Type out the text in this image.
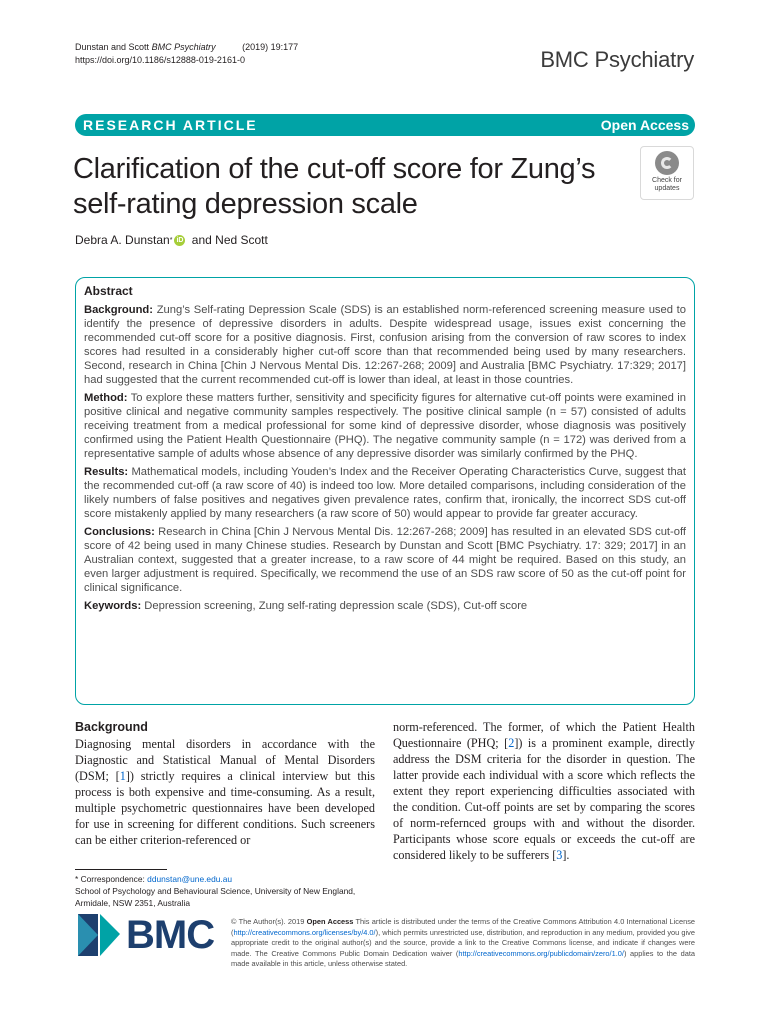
Dunstan and Scott BMC Psychiatry	(2019) 19:177
https://doi.org/10.1186/s12888-019-2161-0	BMC Psychiatry
RESEARCH ARTICLE	Open Access
Clarification of the cut-off score for Zung’s self-rating depression scale
Check for
updates
Debra A. Dunstan * iD and Ned Scott
Abstract

Background: Zung’s Self-rating Depression Scale (SDS) is an established norm-referenced screening measure used to identify the presence of depressive disorders in adults. Despite widespread usage, issues exist concerning the recommended cut-off score for a positive diagnosis. First, confusion arising from the conversion of raw scores to index scores had resulted in a considerably higher cut-off score than that recommended being used by many researchers. Second, research in China [Chin J Nervous Mental Dis. 12:267-268; 2009] and Australia [BMC Psychiatry. 17:329; 2017] had suggested that the current recommended cut-off is lower than ideal, at least in those countries.

Method: To explore these matters further, sensitivity and specificity figures for alternative cut-off points were examined in positive clinical and negative community samples respectively. The positive clinical sample (n = 57) consisted of adults receiving treatment from a medical professional for some kind of depressive disorder, whose diagnosis was positively confirmed using the Patient Health Questionnaire (PHQ). The negative community sample (n = 172) was derived from a representative sample of adults whose absence of any depressive disorder was similarly confirmed by the PHQ.

Results: Mathematical models, including Youden’s Index and the Receiver Operating Characteristics Curve, suggest that the recommended cut-off (a raw score of 40) is indeed too low. More detailed comparisons, including consideration of the likely numbers of false positives and negatives given prevalence rates, confirm that, ironically, the incorrect SDS cut-off score mistakenly applied by many researchers (a raw score of 50) would appear to provide far greater accuracy.

Conclusions: Research in China [Chin J Nervous Mental Dis. 12:267-268; 2009] has resulted in an elevated SDS cut-off score of 42 being used in many Chinese studies. Research by Dunstan and Scott [BMC Psychiatry. 17: 329; 2017] in an Australian context, suggested that a greater increase, to a raw score of 44 might be required. Based on this study, an even larger adjustment is required. Specifically, we recommend the use of an SDS raw score of 50 as the cut-off point for clinical significance.

Keywords: Depression screening, Zung self-rating depression scale (SDS), Cut-off score

Background
Diagnosing mental disorders in accordance with the Diagnostic and Statistical Manual of Mental Disorders (DSM; [1]) strictly requires a clinical interview but this process is both expensive and time-consuming. As a result, multiple psychometric questionnaires have been developed for use in screening for different conditions. Such screeners can be either criterion-referenced or
norm-referenced. The former, of which the Patient Health Questionnaire (PHQ; [2]) is a prominent example, directly address the DSM criteria for the disorder in question. The latter provide each individual with a score which reflects the extent they report experiencing difficulties associated with the condition. Cut-off points are set by comparing the scores of norm-refernced groups with and without the disorder. Participants whose score equals or exceeds the cut-off are considered likely to be sufferers [3].
* Correspondence: ddunstan@une.edu.au
School of Psychology and Behavioural Science, University of New England, Armidale, NSW 2351, Australia
BMC © The Author(s). 2019 Open Access This article is distributed under the terms of the Creative Commons Attribution 4.0 International License (http://creativecommons.org/licenses/by/4.0/), which permits unrestricted use, distribution, and reproduction in any medium, provided you give appropriate credit to the original author(s) and the source, provide a link to the Creative Commons license, and indicate if changes were made. The Creative Commons Public Domain Dedication waiver (http://creativecommons.org/publicdomain/zero/1.0/) applies to the data made available in this article, unless otherwise stated.
